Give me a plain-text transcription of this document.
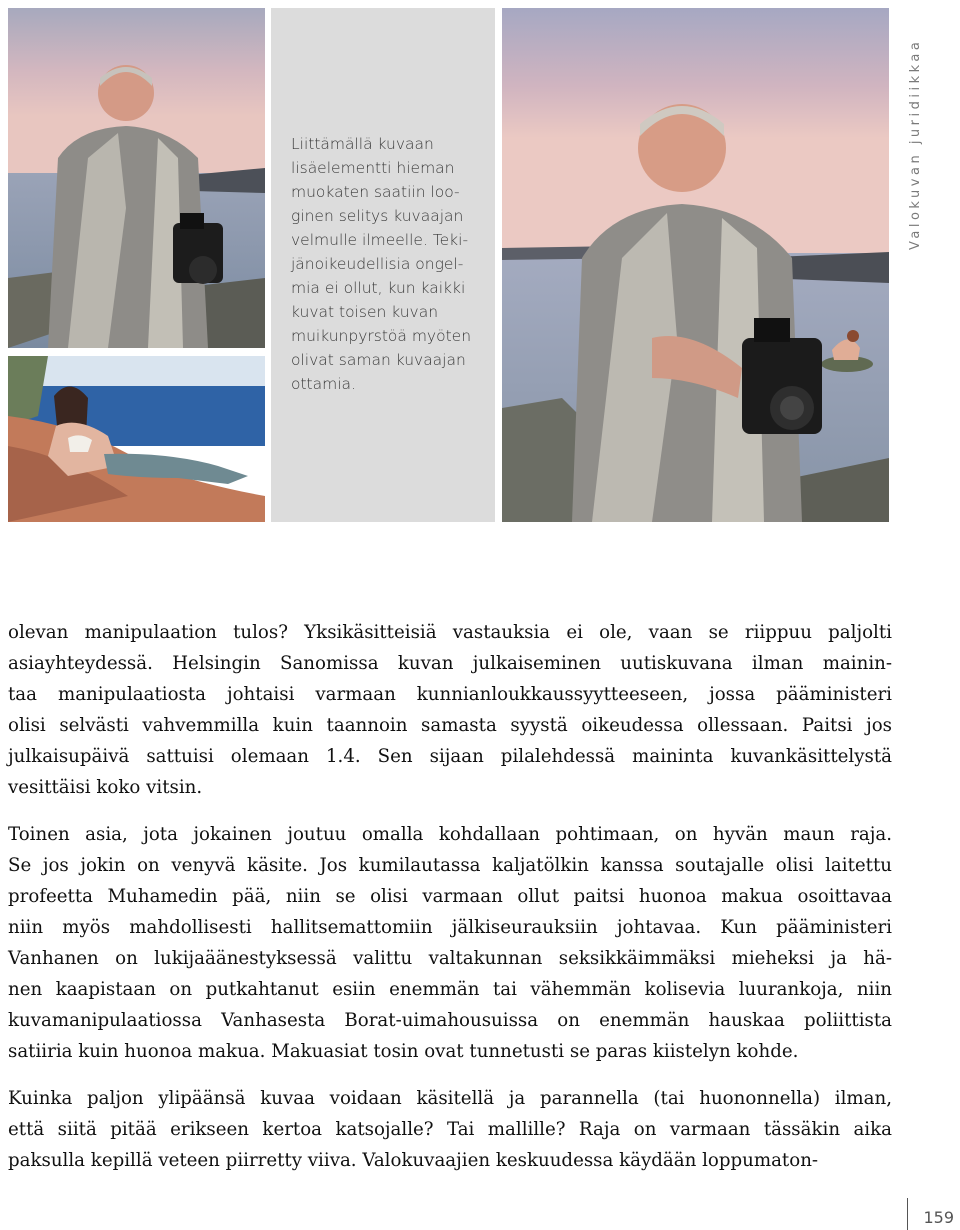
Liittämällä kuvaan
lisäelementti hieman
muokaten saatiin loo-
ginen selitys kuvaajan
velmulle ilmeelle. Teki-
jänoikeudellisia ongel-
mia ei ollut, kun kaikki
kuvat toisen kuvan
muikunpyrstöä myöten
olivat saman kuvaajan
ottamia.
Valokuvan juridiikkaa
olevan manipulaation tulos? Yksikäsitteisiä vastauksia ei ole, vaan se riippuu paljolti
asiayhteydessä. Helsingin Sanomissa kuvan julkaiseminen uutiskuvana ilman mainin-
taa manipulaatiosta johtaisi varmaan kunnianloukkaussyytteeseen, jossa pääministeri
olisi selvästi vahvemmilla kuin taannoin samasta syystä oikeudessa ollessaan. Paitsi jos
julkaisupäivä sattuisi olemaan 1.4. Sen sijaan pilalehdessä maininta kuvankäsittelystä
vesittäisi koko vitsin.
Toinen asia, jota jokainen joutuu omalla kohdallaan pohtimaan, on hyvän maun raja.
Se jos jokin on venyvä käsite. Jos kumilautassa kaljatölkin kanssa soutajalle olisi laitettu
profeetta Muhamedin pää, niin se olisi varmaan ollut paitsi huonoa makua osoittavaa
niin myös mahdollisesti hallitsemattomiin jälkiseurauksiin johtavaa. Kun pääministeri
Vanhanen on lukijaäänestyksessä valittu valtakunnan seksikkäimmäksi mieheksi ja hä-
nen kaapistaan on putkahtanut esiin enemmän tai vähemmän kolisevia luurankoja, niin
kuvamanipulaatiossa Vanhasesta Borat-uimahousuissa on enemmän hauskaa poliittista
satiiria kuin huonoa makua. Makuasiat tosin ovat tunnetusti se paras kiistelyn kohde.
Kuinka paljon ylipäänsä kuvaa voidaan käsitellä ja parannella (tai huononnella) ilman,
että siitä pitää erikseen kertoa katsojalle? Tai mallille? Raja on varmaan tässäkin aika
paksulla kepillä veteen piirretty viiva. Valokuvaajien keskuudessa käydään loppumaton-
159
